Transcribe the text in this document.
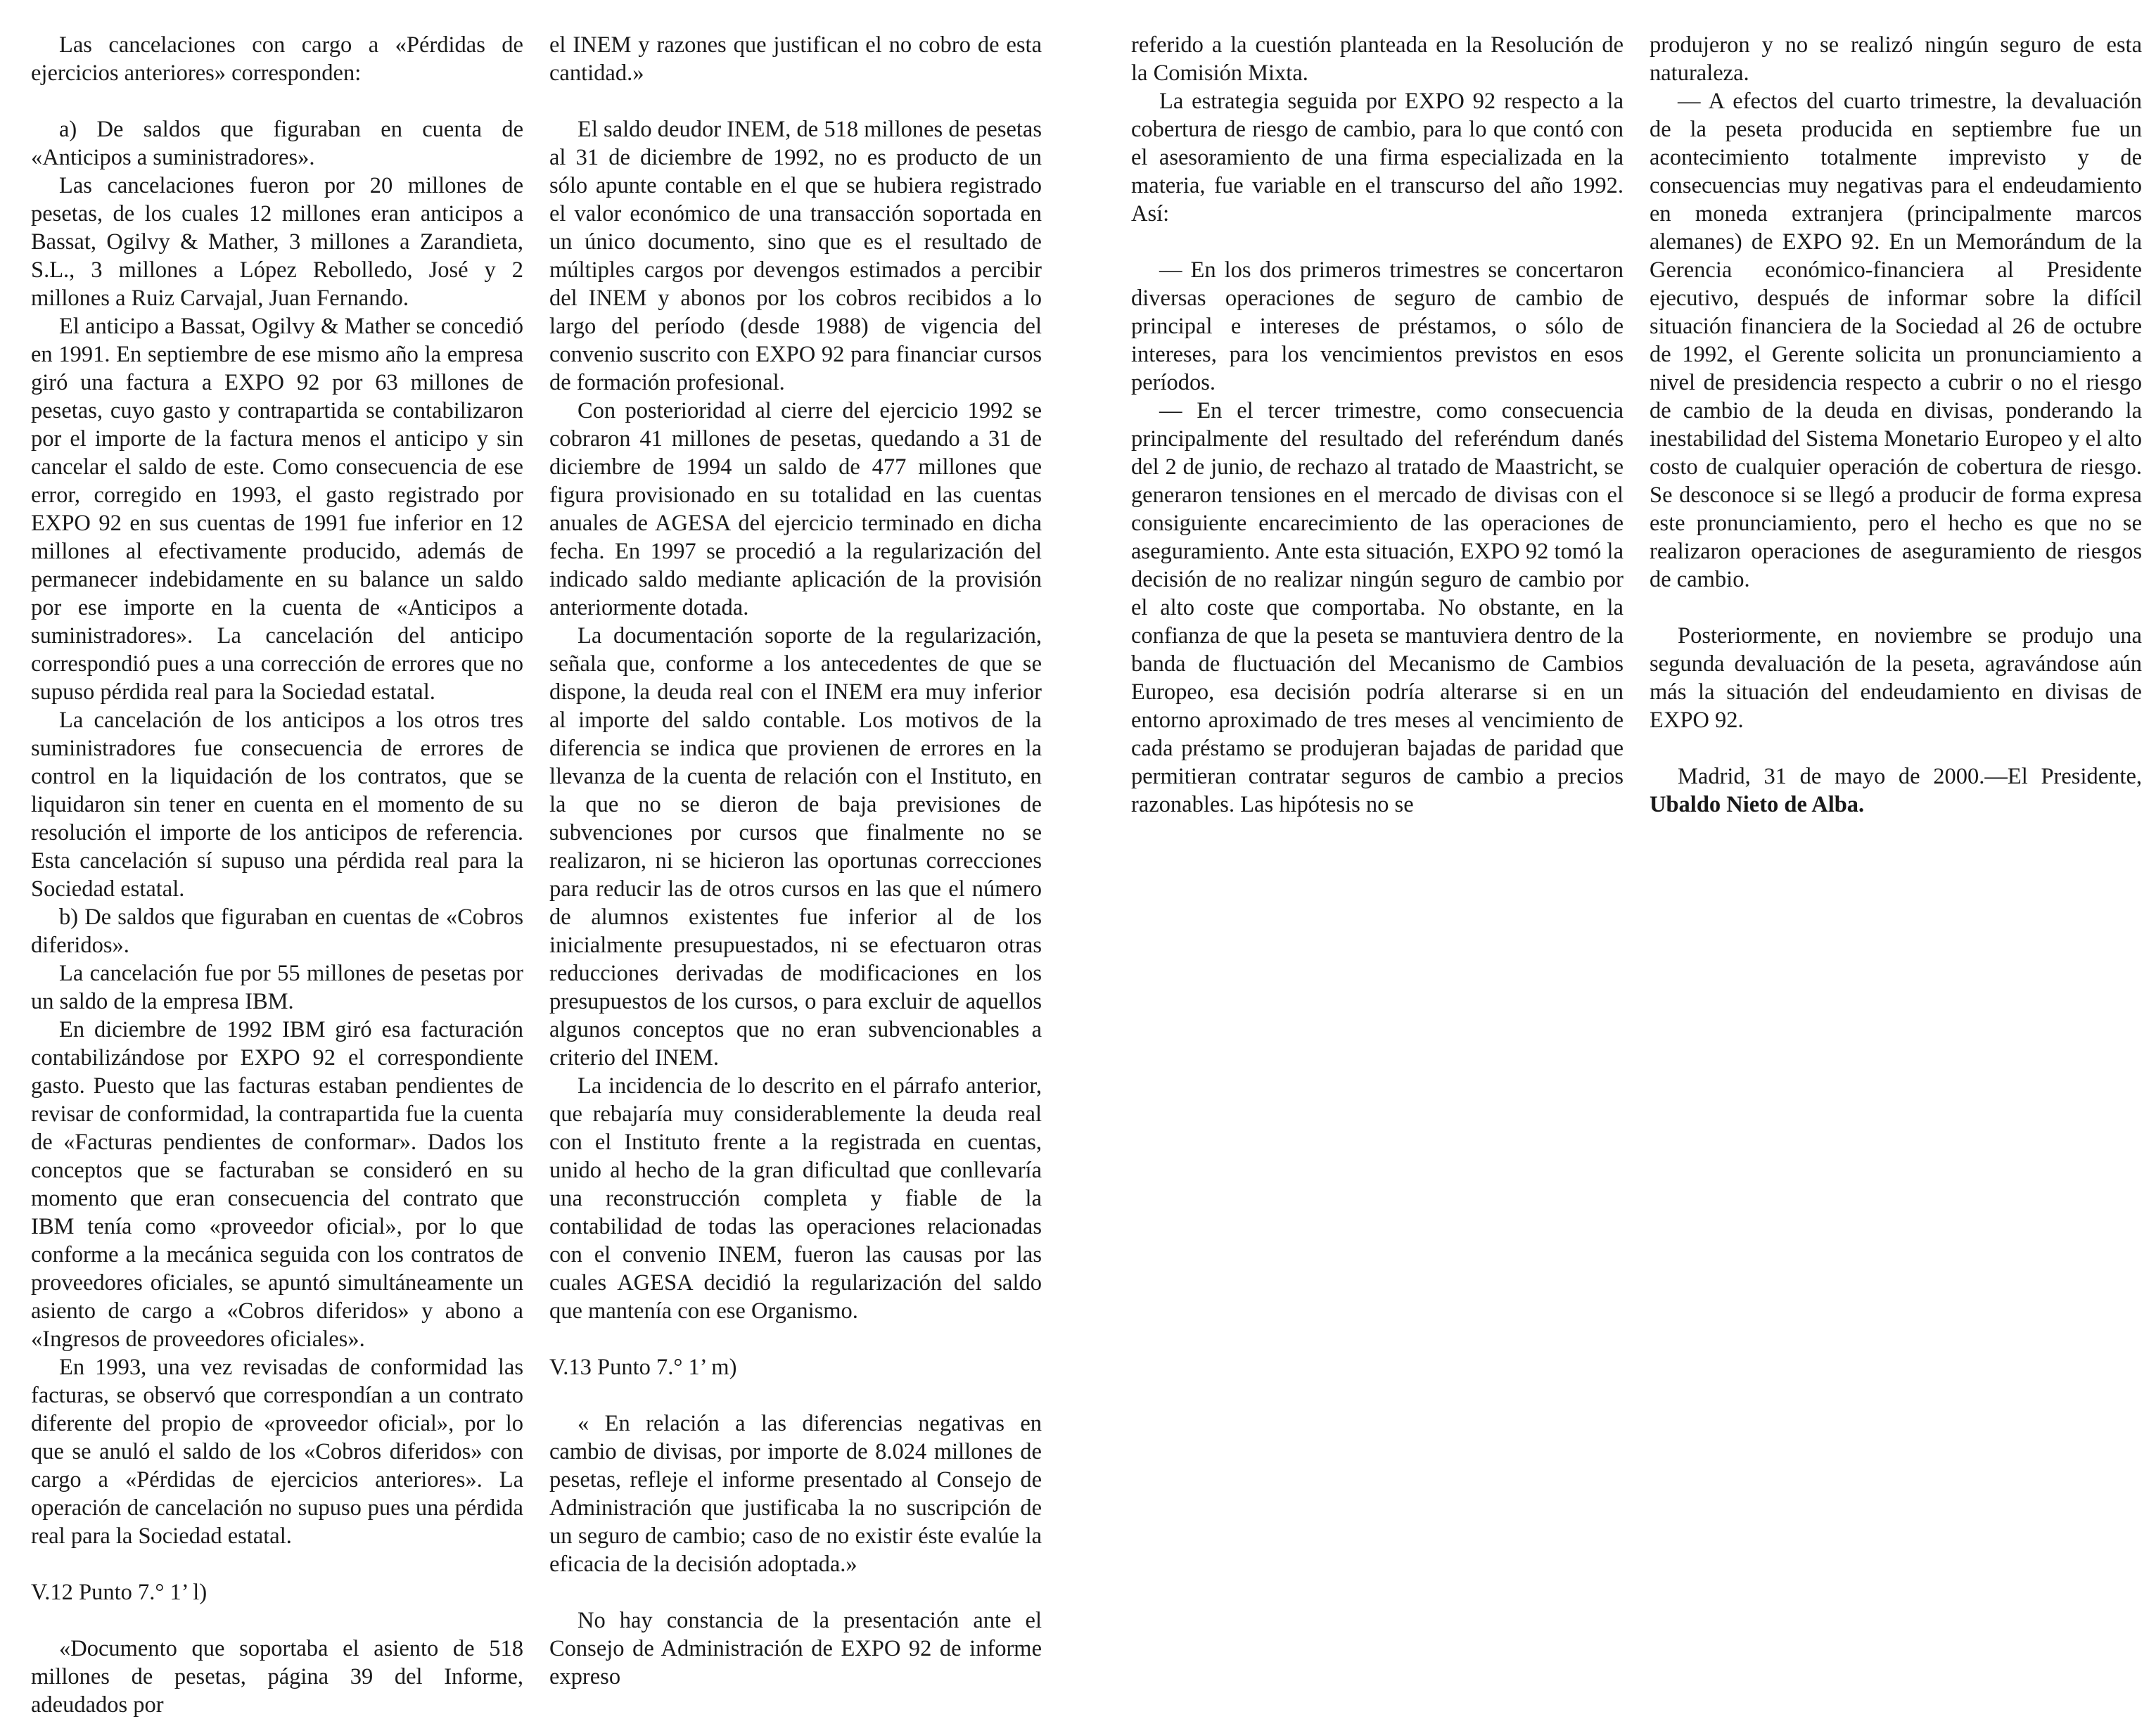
Las cancelaciones con cargo a «Pérdidas de ejercicios anteriores» corresponden:

a) De saldos que figuraban en cuenta de «Anticipos a suministradores».

Las cancelaciones fueron por 20 millones de pesetas, de los cuales 12 millones eran anticipos a Bassat, Ogilvy & Mather, 3 millones a Zarandieta, S.L., 3 millones a López Rebolledo, José y 2 millones a Ruiz Carvajal, Juan Fernando.

El anticipo a Bassat, Ogilvy & Mather se concedió en 1991. En septiembre de ese mismo año la empresa giró una factura a EXPO 92 por 63 millones de pesetas, cuyo gasto y contrapartida se contabilizaron por el importe de la factura menos el anticipo y sin cancelar el saldo de este. Como consecuencia de ese error, corregido en 1993, el gasto registrado por EXPO 92 en sus cuentas de 1991 fue inferior en 12 millones al efectivamente producido, además de permanecer indebidamente en su balance un saldo por ese importe en la cuenta de «Anticipos a suministradores». La cancelación del anticipo correspondió pues a una corrección de errores que no supuso pérdida real para la Sociedad estatal.

La cancelación de los anticipos a los otros tres suministradores fue consecuencia de errores de control en la liquidación de los contratos, que se liquidaron sin tener en cuenta en el momento de su resolución el importe de los anticipos de referencia. Esta cancelación sí supuso una pérdida real para la Sociedad estatal.

b) De saldos que figuraban en cuentas de «Cobros diferidos».

La cancelación fue por 55 millones de pesetas por un saldo de la empresa IBM.

En diciembre de 1992 IBM giró esa facturación contabilizándose por EXPO 92 el correspondiente gasto. Puesto que las facturas estaban pendientes de revisar de conformidad, la contrapartida fue la cuenta de «Facturas pendientes de conformar». Dados los conceptos que se facturaban se consideró en su momento que eran consecuencia del contrato que IBM tenía como «proveedor oficial», por lo que conforme a la mecánica seguida con los contratos de proveedores oficiales, se apuntó simultáneamente un asiento de cargo a «Cobros diferidos» y abono a «Ingresos de proveedores oficiales».

En 1993, una vez revisadas de conformidad las facturas, se observó que correspondían a un contrato diferente del propio de «proveedor oficial», por lo que se anuló el saldo de los «Cobros diferidos» con cargo a «Pérdidas de ejercicios anteriores». La operación de cancelación no supuso pues una pérdida real para la Sociedad estatal.

V.12 Punto 7.° 1’ l)

«Documento que soportaba el asiento de 518 millones de pesetas, página 39 del Informe, adeudados por

el INEM y razones que justifican el no cobro de esta cantidad.»

El saldo deudor INEM, de 518 millones de pesetas al 31 de diciembre de 1992, no es producto de un sólo apunte contable en el que se hubiera registrado el valor económico de una transacción soportada en un único documento, sino que es el resultado de múltiples cargos por devengos estimados a percibir del INEM y abonos por los cobros recibidos a lo largo del período (desde 1988) de vigencia del convenio suscrito con EXPO 92 para financiar cursos de formación profesional.

Con posterioridad al cierre del ejercicio 1992 se cobraron 41 millones de pesetas, quedando a 31 de diciembre de 1994 un saldo de 477 millones que figura provisionado en su totalidad en las cuentas anuales de AGESA del ejercicio terminado en dicha fecha. En 1997 se procedió a la regularización del indicado saldo mediante aplicación de la provisión anteriormente dotada.

La documentación soporte de la regularización, señala que, conforme a los antecedentes de que se dispone, la deuda real con el INEM era muy inferior al importe del saldo contable. Los motivos de la diferencia se indica que provienen de errores en la llevanza de la cuenta de relación con el Instituto, en la que no se dieron de baja previsiones de subvenciones por cursos que finalmente no se realizaron, ni se hicieron las oportunas correcciones para reducir las de otros cursos en las que el número de alumnos existentes fue inferior al de los inicialmente presupuestados, ni se efectuaron otras reducciones derivadas de modificaciones en los presupuestos de los cursos, o para excluir de aquellos algunos conceptos que no eran subvencionables a criterio del INEM.

La incidencia de lo descrito en el párrafo anterior, que rebajaría muy considerablemente la deuda real con el Instituto frente a la registrada en cuentas, unido al hecho de la gran dificultad que conllevaría una reconstrucción completa y fiable de la contabilidad de todas las operaciones relacionadas con el convenio INEM, fueron las causas por las cuales AGESA decidió la regularización del saldo que mantenía con ese Organismo.

V.13 Punto 7.° 1’ m)

« En relación a las diferencias negativas en cambio de divisas, por importe de 8.024 millones de pesetas, refleje el informe presentado al Consejo de Administración que justificaba la no suscripción de un seguro de cambio; caso de no existir éste evalúe la eficacia de la decisión adoptada.»

No hay constancia de la presentación ante el Consejo de Administración de EXPO 92 de informe expreso

referido a la cuestión planteada en la Resolución de la Comisión Mixta.

La estrategia seguida por EXPO 92 respecto a la cobertura de riesgo de cambio, para lo que contó con el asesoramiento de una firma especializada en la materia, fue variable en el transcurso del año 1992. Así:

— En los dos primeros trimestres se concertaron diversas operaciones de seguro de cambio de principal e intereses de préstamos, o sólo de intereses, para los vencimientos previstos en esos períodos.

— En el tercer trimestre, como consecuencia principalmente del resultado del referéndum danés del 2 de junio, de rechazo al tratado de Maastricht, se generaron tensiones en el mercado de divisas con el consiguiente encarecimiento de las operaciones de aseguramiento. Ante esta situación, EXPO 92 tomó la decisión de no realizar ningún seguro de cambio por el alto coste que comportaba. No obstante, en la confianza de que la peseta se mantuviera dentro de la banda de fluctuación del Mecanismo de Cambios Europeo, esa decisión podría alterarse si en un entorno aproximado de tres meses al vencimiento de cada préstamo se produjeran bajadas de paridad que permitieran contratar seguros de cambio a precios razonables. Las hipótesis no se

produjeron y no se realizó ningún seguro de esta naturaleza.

— A efectos del cuarto trimestre, la devaluación de la peseta producida en septiembre fue un acontecimiento totalmente imprevisto y de consecuencias muy negativas para el endeudamiento en moneda extranjera (principalmente marcos alemanes) de EXPO 92. En un Memorándum de la Gerencia económico-financiera al Presidente ejecutivo, después de informar sobre la difícil situación financiera de la Sociedad al 26 de octubre de 1992, el Gerente solicita un pronunciamiento a nivel de presidencia respecto a cubrir o no el riesgo de cambio de la deuda en divisas, ponderando la inestabilidad del Sistema Monetario Europeo y el alto costo de cualquier operación de cobertura de riesgo. Se desconoce si se llegó a producir de forma expresa este pronunciamiento, pero el hecho es que no se realizaron operaciones de aseguramiento de riesgos de cambio.

Posteriormente, en noviembre se produjo una segunda devaluación de la peseta, agravándose aún más la situación del endeudamiento en divisas de EXPO 92.

Madrid, 31 de mayo de 2000.—El Presidente, Ubaldo Nieto de Alba.
